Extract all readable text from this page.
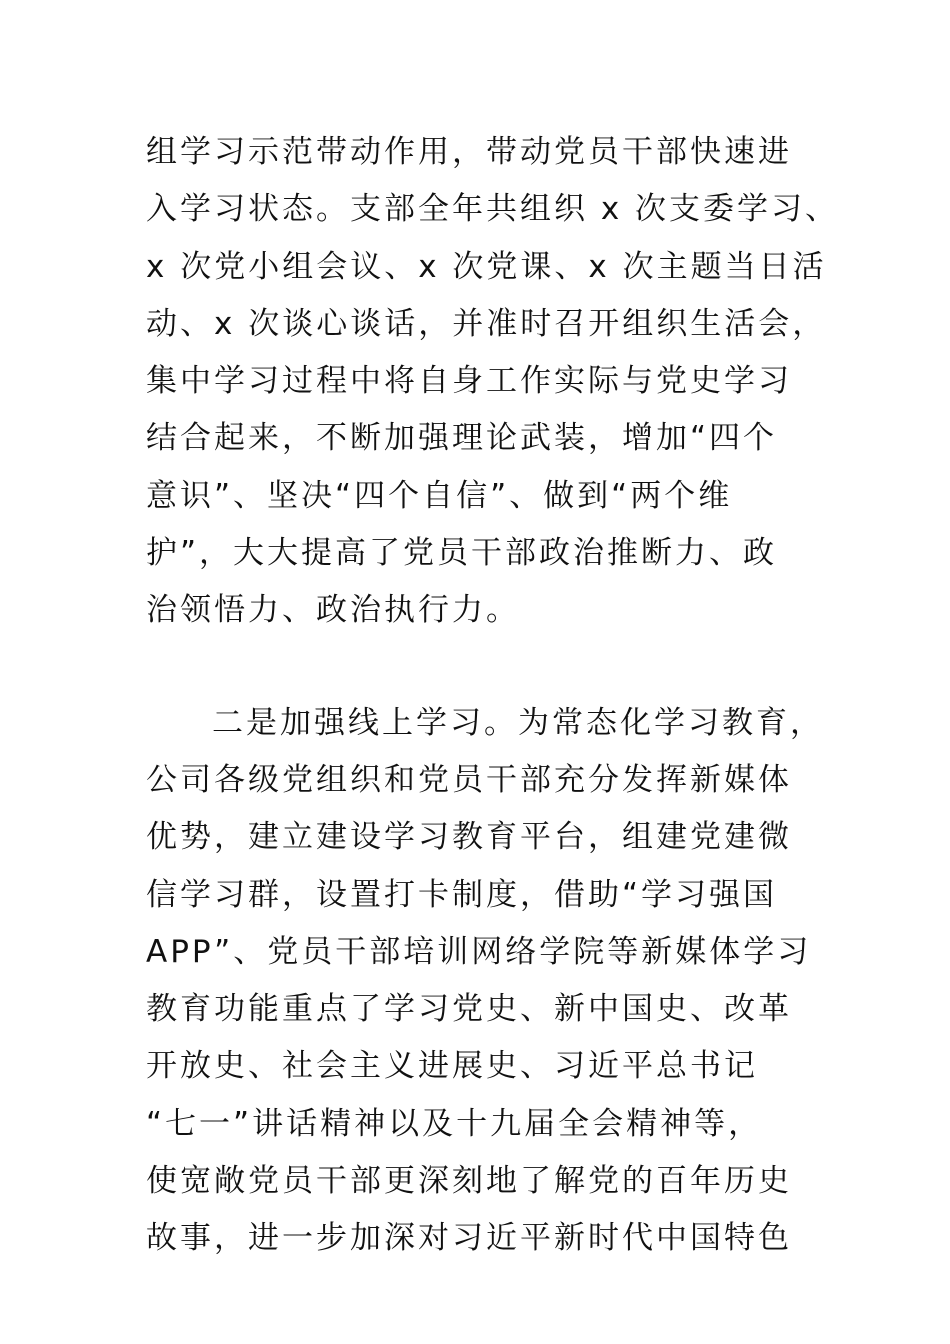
组学习示范带动作用，带动党员干部快速进
入学习状态。支部全年共组织 x 次支委学习、
x 次党小组会议、x 次党课、x 次主题当日活
动、x 次谈心谈话，并准时召开组织生活会，
集中学习过程中将自身工作实际与党史学习
结合起来，不断加强理论武装，增加“四个
意识”、坚决“四个自信”、做到“两个维
护”，大大提高了党员干部政治推断力、政
治领悟力、政治执行力。
二是加强线上学习。为常态化学习教育，
公司各级党组织和党员干部充分发挥新媒体
优势，建立建设学习教育平台，组建党建微
信学习群，设置打卡制度，借助“学习强国
APP”、党员干部培训网络学院等新媒体学习
教育功能重点了学习党史、新中国史、改革
开放史、社会主义进展史、习近平总书记
“七一”讲话精神以及十九届全会精神等，
使宽敞党员干部更深刻地了解党的百年历史
故事，进一步加深对习近平新时代中国特色
